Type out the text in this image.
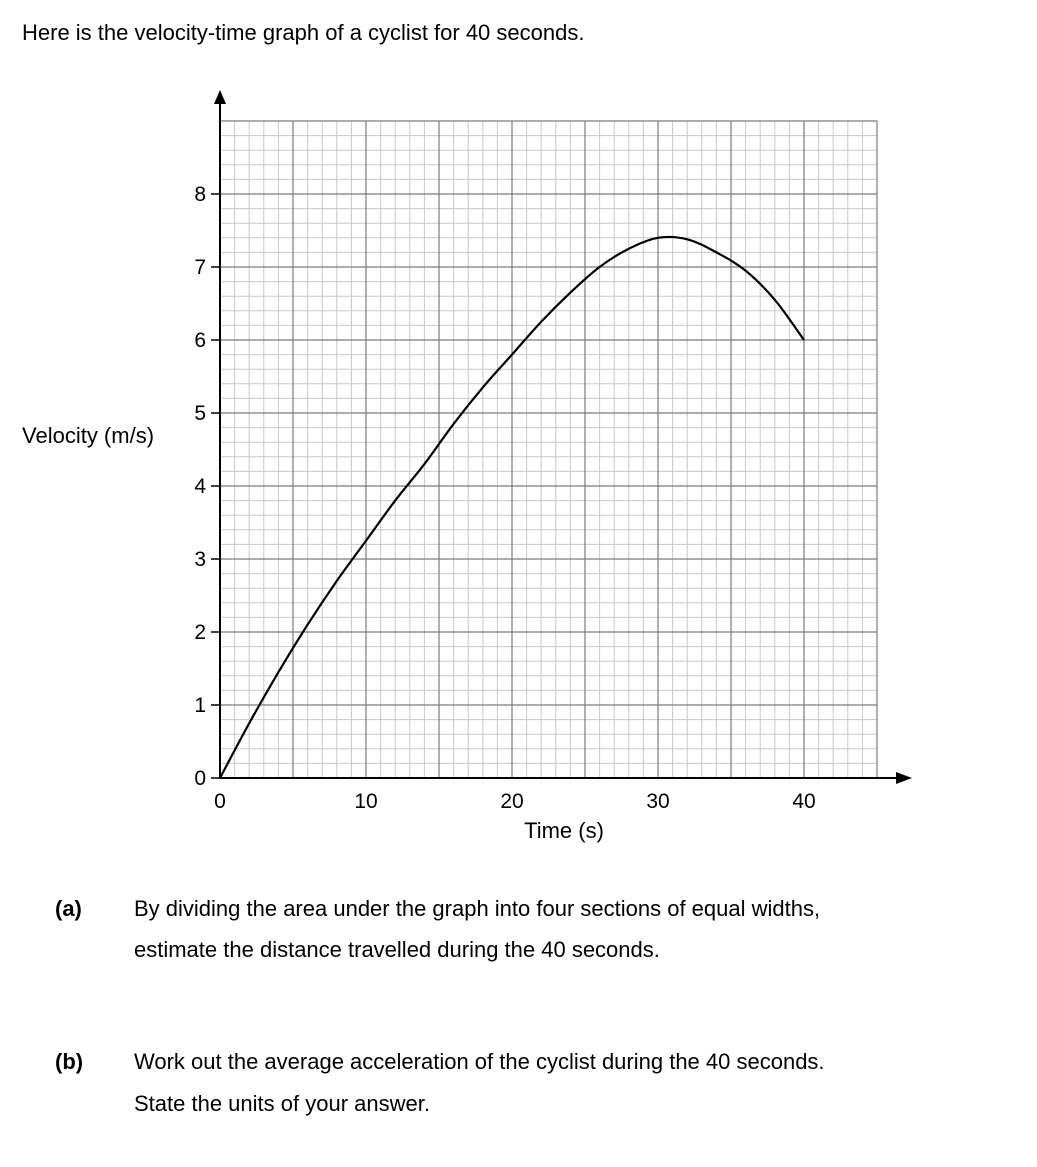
Here is the velocity-time graph of a cyclist for 40 seconds.
0
1
2
3
4
5
6
7
8
0	10	20	30	40
Time (s)
Velocity (m/s)
(a) By dividing the area under the graph into four sections of equal widths,
estimate the distance travelled during the 40 seconds.
(b) Work out the average acceleration of the cyclist during the 40 seconds.
State the units of your answer.
